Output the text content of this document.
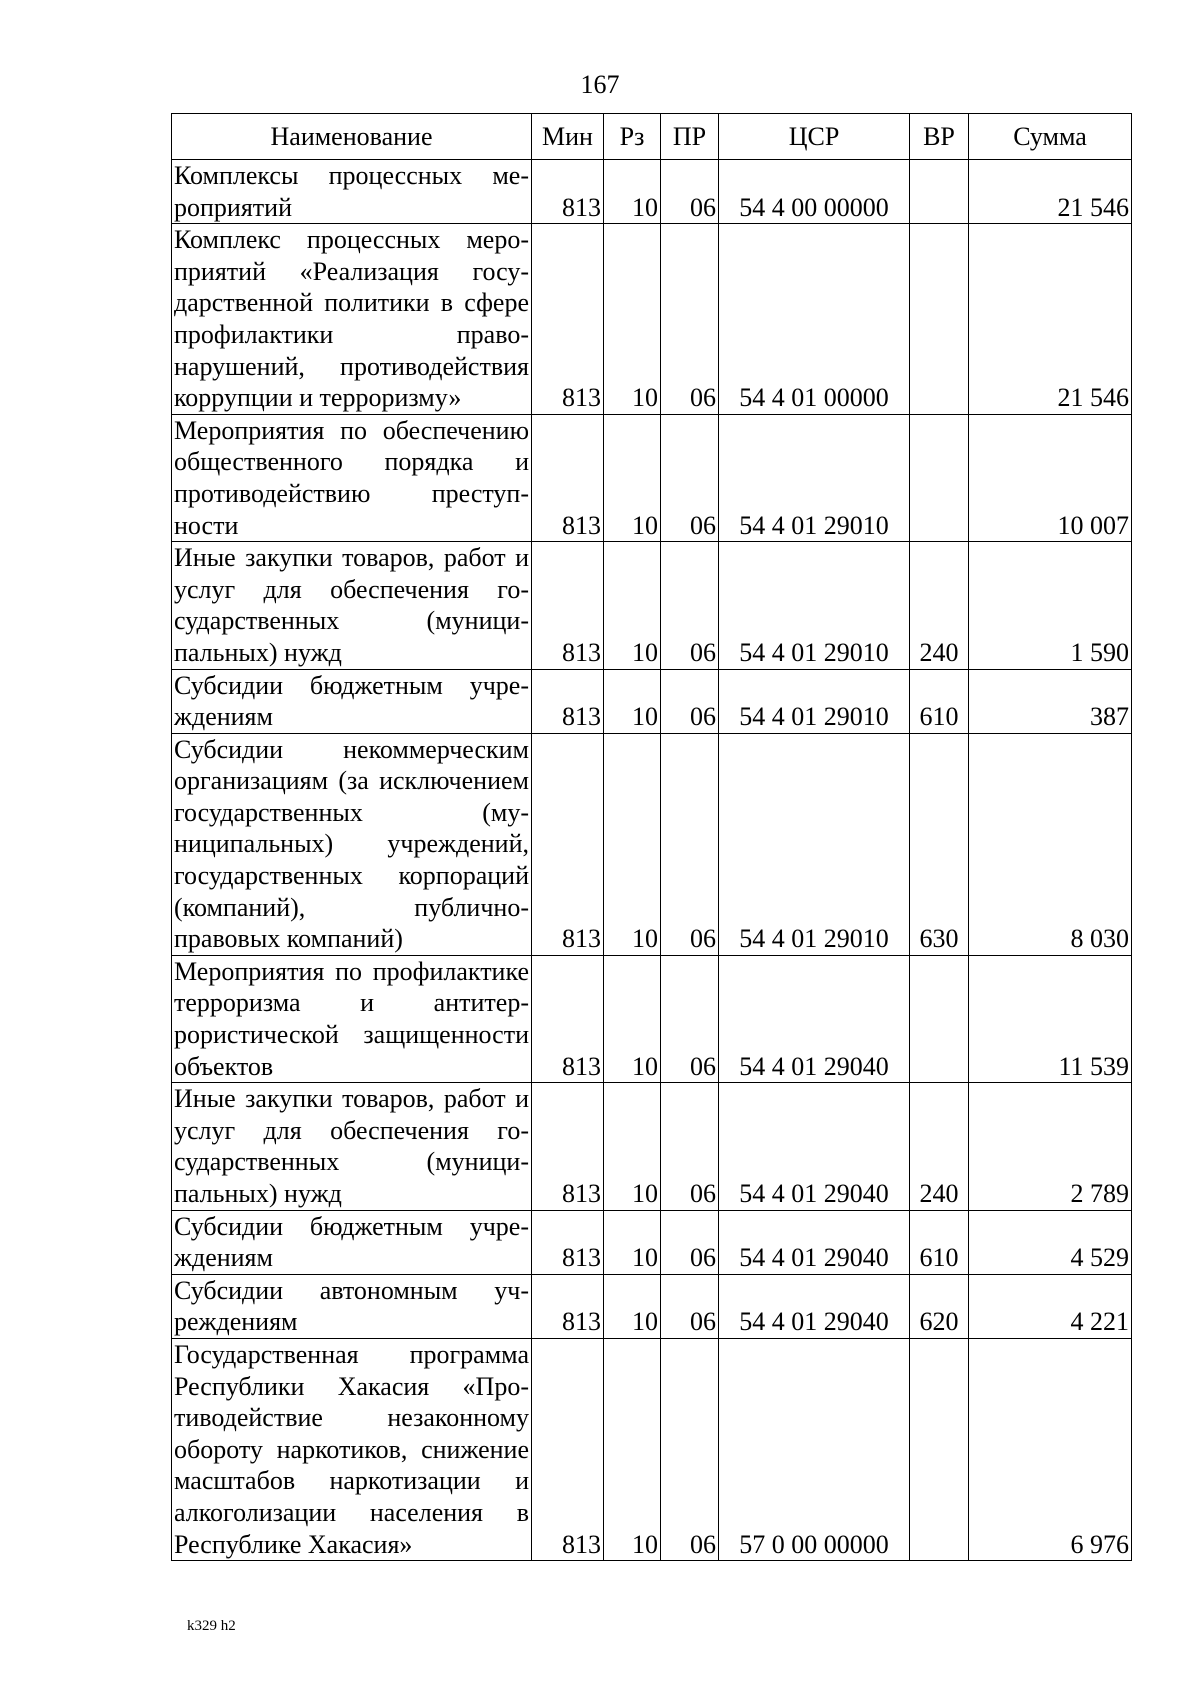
167
Наименование	Мин	Рз	ПР	ЦСР	ВР	Сумма
Комплексы процессных мероприятий	813	10	06	54 4 00 00000		21 546
Комплекс процессных мероприятий «Реализация государственной политики в сфере профилактики правонарушений, противодействия коррупции и терроризму»	813	10	06	54 4 01 00000		21 546
Мероприятия по обеспечению общественного порядка и противодействию преступности	813	10	06	54 4 01 29010		10 007
Иные закупки товаров, работ и услуг для обеспечения государственных (муниципальных) нужд	813	10	06	54 4 01 29010	240	1 590
Субсидии бюджетным учреждениям	813	10	06	54 4 01 29010	610	387
Субсидии некоммерческим организациям (за исключением государственных (муниципальных) учреждений, государственных корпораций (компаний), публично-правовых компаний)	813	10	06	54 4 01 29010	630	8 030
Мероприятия по профилактике терроризма и антитеррористической защищенности объектов	813	10	06	54 4 01 29040		11 539
Иные закупки товаров, работ и услуг для обеспечения государственных (муниципальных) нужд	813	10	06	54 4 01 29040	240	2 789
Субсидии бюджетным учреждениям	813	10	06	54 4 01 29040	610	4 529
Субсидии автономным учреждениям	813	10	06	54 4 01 29040	620	4 221
Государственная программа Республики Хакасия «Противодействие незаконному обороту наркотиков, снижение масштабов наркотизации и алкоголизации населения в Республике Хакасия»	813	10	06	57 0 00 00000		6 976
k329 h2
